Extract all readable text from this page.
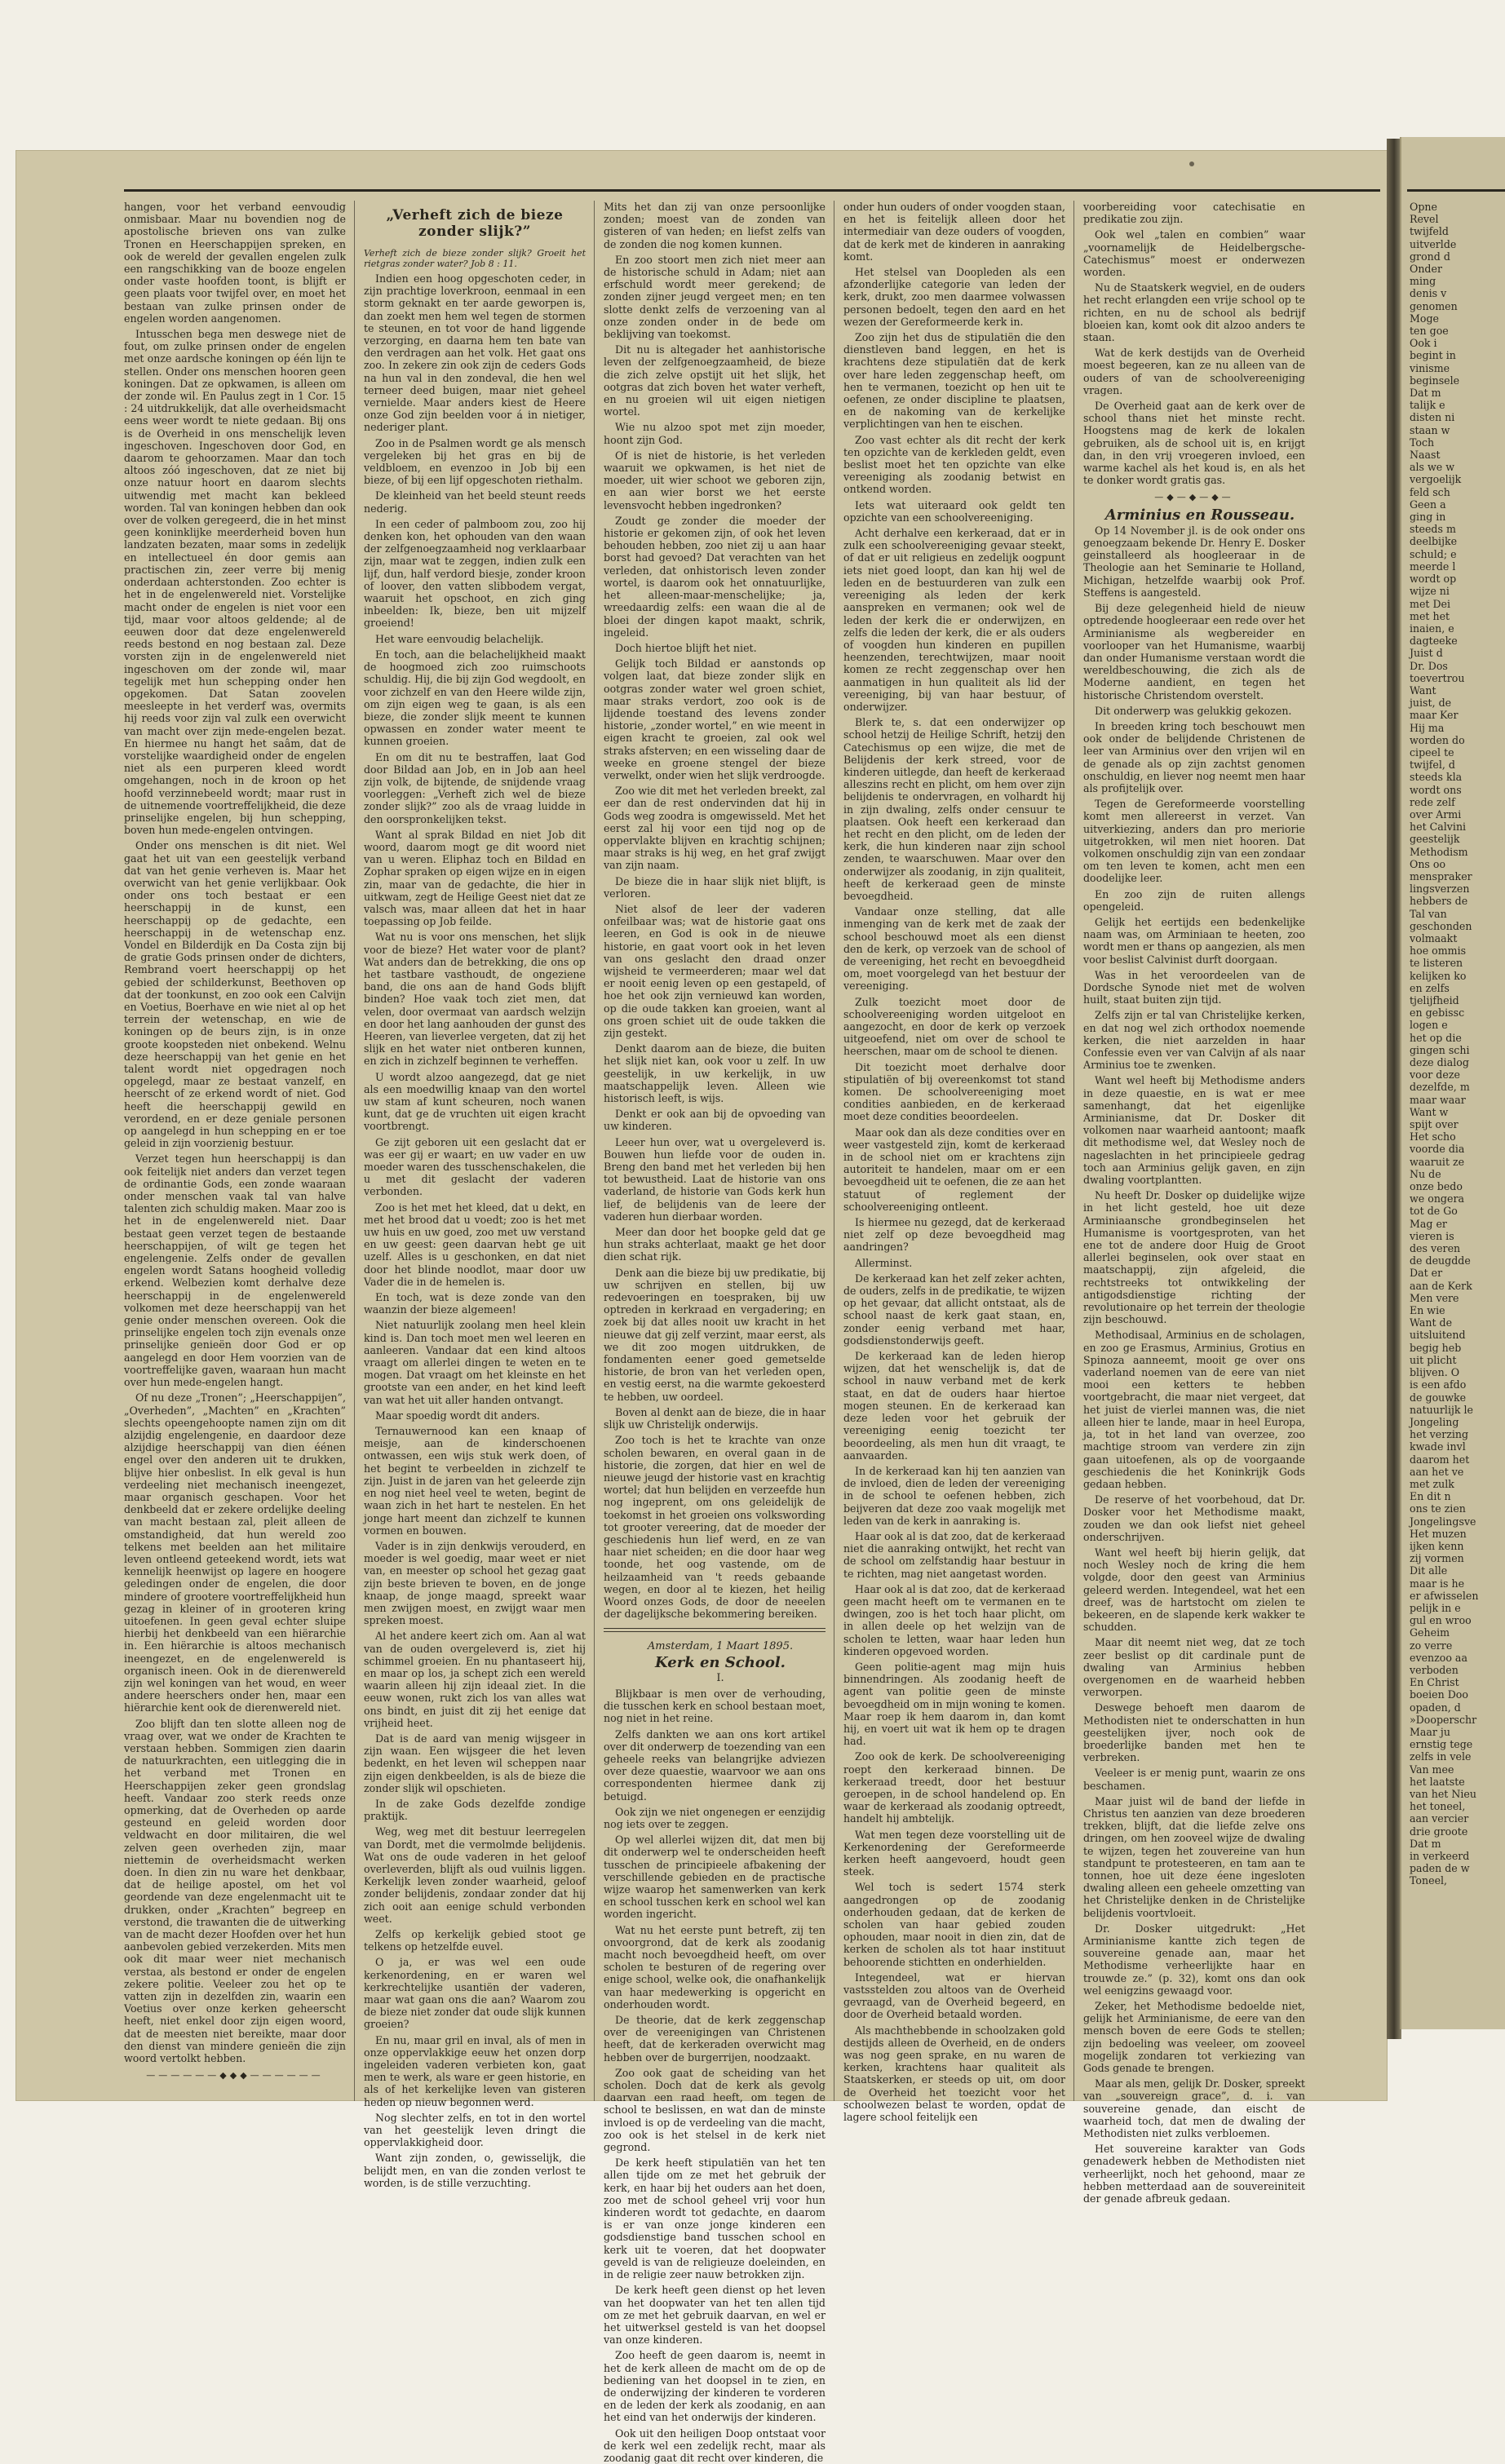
hangen, voor het verband eenvoudig onmisbaar. Maar nu bovendien nog de apostolische brieven ons van zulke Tronen en Heerschappijen spreken, en ook de wereld der gevallen engelen zulk een rangschikking van de booze engelen onder vaste hoofden toont, is blijft er geen plaats voor twijfel over, en moet het bestaan van zulke prinsen onder de engelen worden aangenomen.

Intusschen bega men deswege niet de fout, om zulke prinsen onder de engelen met onze aardsche koningen op één lijn te stellen. Onder ons menschen hooren geen koningen. Dat ze opkwamen, is alleen om der zonde wil. En Paulus zegt in 1 Cor. 15 : 24 uitdrukkelijk, dat alle overheidsmacht eens weer wordt te niete gedaan. Bij ons is de Overheid in ons menschelijk leven ingeschoven. Ingeschoven door God, en daarom te gehoorzamen. Maar dan toch altoos zóó ingeschoven, dat ze niet bij onze natuur hoort en daarom slechts uitwendig met macht kan bekleed worden. Tal van koningen hebben dan ook over de volken geregeerd, die in het minst geen koninklijke meerderheid boven hun landzaten bezaten, maar soms in zedelijk en intellectueel én door gemis aan practischen zin, zeer verre bij menig onderdaan achterstonden. Zoo echter is het in de engelenwereld niet. Vorstelijke macht onder de engelen is niet voor een tijd, maar voor altoos geldende; al de eeuwen door dat deze engelenwereld reeds bestond en nog bestaan zal. Deze vorsten zijn in de engelenwereld niet ingeschoven om der zonde wil, maar tegelijk met hun schepping onder hen opgekomen. Dat Satan zoovelen meesleepte in het verderf was, overmits hij reeds voor zijn val zulk een overwicht van macht over zijn mede-engelen bezat. En hiermee nu hangt het saâm, dat de vorstelijke waardigheid onder de engelen niet als een purperen kleed wordt omgehangen, noch in de kroon op het hoofd verzinnebeeld wordt; maar rust in de uitnemende voortreffelijkheid, die deze prinselijke engelen, bij hun schepping, boven hun mede-engelen ontvingen.

Onder ons menschen is dit niet. Wel gaat het uit van een geestelijk verband dat van het genie verheven is. Maar het overwicht van het genie verlijkbaar. Ook onder ons toch bestaat er een heerschappij in de kunst, een heerschappij op de gedachte, een heerschappij in de wetenschap enz. Vondel en Bilderdijk en Da Costa zijn bij de gratie Gods prinsen onder de dichters, Rembrand voert heerschappij op het gebied der schilderkunst, Beethoven op dat der toonkunst, en zoo ook een Calvijn en Voetius, Boerhave en wie niet al op het terrein der wetenschap, en wie de koningen op de beurs zijn, is in onze groote koopsteden niet onbekend. Welnu deze heerschappij van het genie en het talent wordt niet opgedragen noch opgelegd, maar ze bestaat vanzelf, en heerscht of ze erkend wordt of niet. God heeft die heerschappij gewild en verordend, en er deze geniale personen op aangelegd in hun schepping en er toe geleid in zijn voorzienig bestuur.

Verzet tegen hun heerschappij is dan ook feitelijk niet anders dan verzet tegen de ordinantie Gods, een zonde waaraan onder menschen vaak tal van halve talenten zich schuldig maken. Maar zoo is het in de engelenwereld niet. Daar bestaat geen verzet tegen de bestaande heerschappijen, of wilt ge tegen het engelengenie. Zelfs onder de gevallen engelen wordt Satans hoogheid volledig erkend. Welbezien komt derhalve deze heerschappij in de engelenwereld volkomen met deze heerschappij van het genie onder menschen overeen. Ook die prinselijke engelen toch zijn evenals onze prinselijke genieën door God er op aangelegd en door Hem voorzien van de voortreffelijke gaven, waaraan hun macht over hun mede-engelen hangt.

Of nu deze „Tronen”; „Heerschappijen”, „Overheden”, „Machten” en „Krachten” slechts opeengehoopte namen zijn om dit alzijdig engelengenie, en daardoor deze alzijdige heerschappij van dien éénen engel over den anderen uit te drukken, blijve hier onbeslist. In elk geval is hun verdeeling niet mechanisch ineengezet, maar organisch geschapen. Voor het denkbeeld dat er zekere ordelijke deeling van macht bestaan zal, pleit alleen de omstandigheid, dat hun wereld zoo telkens met beelden aan het militaire leven ontleend geteekend wordt, iets wat kennelijk heenwijst op lagere en hoogere geledingen onder de engelen, die door mindere of grootere voortreffelijkheid hun gezag in kleiner of in grooteren kring uitoefenen. In geen geval echter sluipe hierbij het denkbeeld van een hiërarchie in. Een hiërarchie is altoos mechanisch ineengezet, en de engelenwereld is organisch ineen. Ook in de dierenwereld zijn wel koningen van het woud, en weer andere heerschers onder hen, maar een hiërarchie kent ook de dierenwereld niet.

Zoo blijft dan ten slotte alleen nog de vraag over, wat we onder de Krachten te verstaan hebben. Sommigen zien daarin de natuurkrachten, een uitlegging die in het verband met Tronen en Heerschappijen zeker geen grondslag heeft. Vandaar zoo sterk reeds onze opmerking, dat de Overheden op aarde gesteund en geleid worden door veldwacht en door militairen, die wel zelven geen overheden zijn, maar niettemin de overheidsmacht werken doen. In dien zin nu ware het denkbaar, dat de heilige apostel, om het vol geordende van deze engelenmacht uit te drukken, onder „Krachten” begreep en verstond, die trawanten die de uitwerking van de macht dezer Hoofden over het hun aanbevolen gebied verzekerden. Mits men ook dit maar weer niet mechanisch verstaa, als bestond er onder de engelen zekere politie. Veeleer zou het op te vatten zijn in dezelfden zin, waarin een Voetius over onze kerken geheerscht heeft, niet enkel door zijn eigen woord, dat de meesten niet bereikte, maar door den dienst van mindere genieën die zijn woord vertolkt hebben.

——————◆◆◆——————
„Verheft zich de bieze zonder slijk?”

Verheft zich de bieze zonder slijk? Groeit het rietgras zonder water? Job 8 : 11.

Indien een hoog opgeschoten ceder, in zijn prachtige loverkroon, eenmaal in een storm geknakt en ter aarde geworpen is, dan zoekt men hem wel tegen de stormen te steunen, en tot voor de hand liggende verzorging, en daarna hem ten bate van den verdragen aan het volk. Het gaat ons zoo. In zekere zin ook zijn de ceders Gods na hun val in den zondeval, die hen wel terneer deed buigen, maar niet geheel vernielde. Maar anders kiest de Heere onze God zijn beelden voor á in nietiger, nederiger plant.

Zoo in de Psalmen wordt ge als mensch vergeleken bij het gras en bij de veldbloem, en evenzoo in Job bij een bieze, of bij een lijf opgeschoten riethalm.

De kleinheid van het beeld steunt reeds nederig.

In een ceder of palmboom zou, zoo hij denken kon, het ophouden van den waan der zelfgenoegzaamheid nog verklaarbaar zijn, maar wat te zeggen, indien zulk een lijf, dun, half verdord biesje, zonder kroon of loover, den vatten slibbodem vergat, waaruit het opschoot, en zich ging inbeelden: Ik, bieze, ben uit mijzelf groeiend!

Het ware eenvoudig belachelijk.

En toch, aan die belachelijkheid maakt de hoogmoed zich zoo ruimschoots schuldig. Hij, die bij zijn God wegdoolt, en voor zichzelf en van den Heere wilde zijn, om zijn eigen weg te gaan, is als een bieze, die zonder slijk meent te kunnen opwassen en zonder water meent te kunnen groeien.

En om dit nu te bestraffen, laat God door Bildad aan Job, en in Job aan heel zijn volk, de bijtende, de snijdende vraag voorleggen: „Verheft zich wel de bieze zonder slijk?” zoo als de vraag luidde in den oorspronkelijken tekst.

Want al sprak Bildad en niet Job dit woord, daarom mogt ge dit woord niet van u weren. Eliphaz toch en Bildad en Zophar spraken op eigen wijze en in eigen zin, maar van de gedachte, die hier in uitkwam, zegt de Heilige Geest niet dat ze valsch was, maar alleen dat het in haar toepassing op Job feilde.

Wat nu is voor ons menschen, het slijk voor de bieze? Het water voor de plant? Wat anders dan de betrekking, die ons op het tastbare vasthoudt, de ongeziene band, die ons aan de hand Gods blijft binden? Hoe vaak toch ziet men, dat velen, door overmaat van aardsch welzijn en door het lang aanhouden der gunst des Heeren, van lieverlee vergeten, dat zij het slijk en het water niet ontberen kunnen, en zich in zichzelf beginnen te verheffen.

U wordt alzoo aangezegd, dat ge niet als een moedwillig knaap van den wortel uw stam af kunt scheuren, noch wanen kunt, dat ge de vruchten uit eigen kracht voortbrengt.

Ge zijt geboren uit een geslacht dat er was eer gij er waart; en uw vader en uw moeder waren des tusschenschakelen, die u met dit geslacht der vaderen verbonden.

Zoo is het met het kleed, dat u dekt, en met het brood dat u voedt; zoo is het met uw huis en uw goed, zoo met uw verstand en uw geest: geen daarvan hebt ge uit uzelf. Alles is u geschonken, en dat niet door het blinde noodlot, maar door uw Vader die in de hemelen is.

En toch, wat is deze zonde van den waanzin der bieze algemeen!

Niet natuurlijk zoolang men heel klein kind is. Dan toch moet men wel leeren en aanleeren. Vandaar dat een kind altoos vraagt om allerlei dingen te weten en te mogen. Dat vraagt om het kleinste en het grootste van een ander, en het kind leeft van wat het uit aller handen ontvangt.

Maar spoedig wordt dit anders.

Ternauwernood kan een knaap of meisje, aan de kinderschoenen ontwassen, een wijs stuk werk doen, of het begint te verbeelden in zichzelf te zijn. Juist in de jaren van het geleerde zijn en nog niet heel veel te weten, begint de waan zich in het hart te nestelen. En het jonge hart meent dan zichzelf te kunnen vormen en bouwen.

Vader is in zijn denkwijs verouderd, en moeder is wel goedig, maar weet er niet van, en meester op school het gezag gaat zijn beste brieven te boven, en de jonge knaap, de jonge maagd, spreekt waar men zwijgen moest, en zwijgt waar men spreken moest.

Al het andere keert zich om. Aan al wat van de ouden overgeleverd is, ziet hij schimmel groeien. En nu phantaseert hij, en maar op los, ja schept zich een wereld waarin alleen hij zijn ideaal ziet. In die eeuw wonen, rukt zich los van alles wat ons bindt, en juist dit zij het eenige dat vrijheid heet.

Dat is de aard van menig wijsgeer in zijn waan. Een wijsgeer die het leven bedenkt, en het leven wil scheppen naar zijn eigen denkbeelden, is als de bieze die zonder slijk wil opschieten.

In de zake Gods dezelfde zondige praktijk.

Weg, weg met dit bestuur leerregelen van Dordt, met die vermolmde belijdenis. Wat ons de oude vaderen in het geloof overleverden, blijft als oud vuilnis liggen. Kerkelijk leven zonder waarheid, geloof zonder belijdenis, zondaar zonder dat hij zich ooit aan eenige schuld verbonden weet.

Zelfs op kerkelijk gebied stoot ge telkens op hetzelfde euvel.

O ja, er was wel een oude kerkenordening, en er waren wel kerkrechtelijke usantiën der vaderen, maar wat gaan ons die aan? Waarom zou de bieze niet zonder dat oude slijk kunnen groeien?

En nu, maar gril en inval, als of men in onze oppervlakkige eeuw het onzen dorp ingeleiden vaderen verbieten kon, gaat men te werk, als ware er geen historie, en als of het kerkelijke leven van gisteren heden op nieuw begonnen werd.

Nog slechter zelfs, en tot in den wortel van het geestelijk leven dringt die oppervlakkigheid door.

Want zijn zonden, o, gewisselijk, die belijdt men, en van die zonden verlost te worden, is de stille verzuchting.

Mits het dan zij van onze persoonlijke zonden; moest van de zonden van gisteren of van heden; en liefst zelfs van de zonden die nog komen kunnen.

En zoo stoort men zich niet meer aan de historische schuld in Adam; niet aan erfschuld wordt meer gerekend; de zonden zijner jeugd vergeet men; en ten slotte denkt zelfs de verzoening van al onze zonden onder in de bede om beklijving van toekomst.

Dit nu is altegader het aanhistorische leven der zelfgenoegzaamheid, de bieze die zich zelve opstijt uit het slijk, het ootgras dat zich boven het water verheft, en nu groeien wil uit eigen nietigen wortel.

Wie nu alzoo spot met zijn moeder, hoont zijn God.

Of is niet de historie, is het verleden waaruit we opkwamen, is het niet de moeder, uit wier schoot we geboren zijn, en aan wier borst we het eerste levensvocht hebben ingedronken?

Zoudt ge zonder die moeder der historie er gekomen zijn, of ook het leven behouden hebben, zoo niet zij u aan haar borst had gevoed? Dat verachten van het verleden, dat onhistorisch leven zonder wortel, is daarom ook het onnatuurlijke, het alleen-maar-menschelijke; ja, wreedaardig zelfs: een waan die al de bloei der dingen kapot maakt, schrik, ingeleid.

Doch hiertoe blijft het niet.

Gelijk toch Bildad er aanstonds op volgen laat, dat bieze zonder slijk en ootgras zonder water wel groen schiet, maar straks verdort, zoo ook is de lijdende toestand des levens zonder historie, „zonder wortel,” en wie meent in eigen kracht te groeien, zal ook wel straks afsterven; en een wisseling daar de weeke en groene stengel der bieze verwelkt, onder wien het slijk verdroogde.

Zoo wie dit met het verleden breekt, zal eer dan de rest ondervinden dat hij in Gods weg zoodra is omgewisseld. Met het eerst zal hij voor een tijd nog op de oppervlakte blijven en krachtig schijnen; maar straks is hij weg, en het graf zwijgt van zijn naam.

De bieze die in haar slijk niet blijft, is verloren.

Niet alsof de leer der vaderen onfeilbaar was; wat de historie gaat ons leeren, en God is ook in de nieuwe historie, en gaat voort ook in het leven van ons geslacht den draad onzer wijsheid te vermeerderen; maar wel dat er nooit eenig leven op een gestapeld, of hoe het ook zijn vernieuwd kan worden, op die oude takken kan groeien, want al ons groen schiet uit de oude takken die zijn gestekt.

Denkt daarom aan de bieze, die buiten het slijk niet kan, ook voor u zelf. In uw geestelijk, in uw kerkelijk, in uw maatschappelijk leven. Alleen wie historisch leeft, is wijs.

Denkt er ook aan bij de opvoeding van uw kinderen.

Leeer hun over, wat u overgeleverd is. Bouwen hun liefde voor de ouden in. Breng den band met het verleden bij hen tot bewustheid. Laat de historie van ons vaderland, de historie van Gods kerk hun lief, de belijdenis van de leere der vaderen hun dierbaar worden.

Meer dan door het boopke geld dat ge hun straks achterlaat, maakt ge het door dien schat rijk.

Denk aan die bieze bij uw predikatie, bij uw schrijven en stellen, bij uw redevoeringen en toespraken, bij uw optreden in kerkraad en vergadering; en zoek bij dat alles nooit uw kracht in het nieuwe dat gij zelf verzint, maar eerst, als we dit zoo mogen uitdrukken, de fondamenten eener goed gemetselde historie, de bron van het verleden open, en vestig eerst, na die warmte gekoesterd te hebben, uw oordeel.

Boven al denkt aan de bieze, die in haar slijk uw Christelijk onderwijs.

Zoo toch is het te krachte van onze scholen bewaren, en overal gaan in de historie, die zorgen, dat hier en wel de nieuwe jeugd der historie vast en krachtig wortel; dat hun belijden en verzeefde hun nog ingeprent, om ons geleidelijk de toekomst in het groeien ons volkswording tot grooter vereering, dat de moeder der geschiedenis hun lief werd, en ze van haar niet scheiden; en die door haar weg toonde, het oog vastende, om de heilzaamheid van 't reeds gebaande wegen, en door al te kiezen, het heilig Woord onzes Gods, de door de neeelen der dagelijksche bekommering bereiken.

Amsterdam, 1 Maart 1895.

Kerk en School.

I.

Blijkbaar is men over de verhouding, die tusschen kerk en school bestaan moet, nog niet in het reine.

Zelfs dankten we aan ons kort artikel over dit onderwerp de toezending van een geheele reeks van belangrijke adviezen over deze quaestie, waarvoor we aan ons correspondenten hiermee dank zij betuigd.

Ook zijn we niet ongenegen er eenzijdig nog iets over te zeggen.

Op wel allerlei wijzen dit, dat men bij dit onderwerp wel te onderscheiden heeft tusschen de principieele afbakening der verschillende gebieden en de practische wijze waarop het samenwerken van kerk en school tusschen kerk en school wel kan worden ingericht.

Wat nu het eerste punt betreft, zij ten onvoorgrond, dat de kerk als zoodanig macht noch bevoegdheid heeft, om over scholen te besturen of de regering over enige school, welke ook, die onafhankelijk van haar medewerking is opgericht en onderhouden wordt.

De theorie, dat de kerk zeggenschap over de vereenigingen van Christenen heeft, dat de kerkeraden overwicht mag hebben over de burgerrijen, noodzaakt.

Zoo ook gaat de scheiding van het scholen. Doch dat de kerk als gevolg daarvan een raad heeft, om tegen de school te beslissen, en wat dan de minste invloed is op de verdeeling van die macht, zoo ook is het stelsel in de kerk niet gegrond.

De kerk heeft stipulatiën van het ten allen tijde om ze met het gebruik der kerk, en haar bij het ouders aan het doen, zoo met de school geheel vrij voor hun kinderen wordt tot gedachte, en daarom is er van onze jonge kinderen een godsdienstige band tusschen school en kerk uit te voeren, dat het doopwater geveld is van de religieuze doeleinden, en in de religie zeer nauw betrokken zijn.

De kerk heeft geen dienst op het leven van het doopwater van het ten allen tijd om ze met het gebruik daarvan, en wel er het uitwerksel gesteld is van het doopsel van onze kinderen.

Zoo heeft de geen daarom is, neemt in het de kerk alleen de macht om de op de bediening van het doopsel in te zien, en de onderwijzing der kinderen te vorderen en de leden der kerk als zoodanig, en aan het eind van het onderwijs der kinderen.

Ook uit den heiligen Doop ontstaat voor de kerk wel een zedelijk recht, maar als zoodanig gaat dit recht over kinderen, die

onder hun ouders of onder voogden staan, en het is feitelijk alleen door het intermediair van deze ouders of voogden, dat de kerk met de kinderen in aanraking komt.

Het stelsel van Doopleden als een afzonderlijke categorie van leden der kerk, drukt, zoo men daarmee volwassen personen bedoelt, tegen den aard en het wezen der Gereformeerde kerk in.

Zoo zijn het dus de stipulatiën die den dienstleven band leggen, en het is krachtens deze stipulatiën dat de kerk over hare leden zeggenschap heeft, om hen te vermanen, toezicht op hen uit te oefenen, ze onder discipline te plaatsen, en de nakoming van de kerkelijke verplichtingen van hen te eischen.

Zoo vast echter als dit recht der kerk ten opzichte van de kerkleden geldt, even beslist moet het ten opzichte van elke vereeniging als zoodanig betwist en ontkend worden.

Iets wat uiteraard ook geldt ten opzichte van een schoolvereeniging.

Acht derhalve een kerkeraad, dat er in zulk een schoolvereeniging gevaar steekt, of dat er uit religieus en zedelijk oogpunt iets niet goed loopt, dan kan hij wel de leden en de bestuurderen van zulk een vereeniging als leden der kerk aanspreken en vermanen; ook wel de leden der kerk die er onderwijzen, en zelfs die leden der kerk, die er als ouders of voogden hun kinderen en pupillen heenzenden, terechtwijzen, maar nooit komen ze recht zeggenschap over hen aanmatigen in hun qualiteit als lid der vereeniging, bij van haar bestuur, of onderwijzer.

Blerk te, s. dat een onderwijzer op school hetzij de Heilige Schrift, hetzij den Catechismus op een wijze, die met de Belijdenis der kerk streed, voor de kinderen uitlegde, dan heeft de kerkeraad alleszins recht en plicht, om hem over zijn belijdenis te ondervragen, en volhardt hij in zijn dwaling, zelfs onder censuur te plaatsen. Ook heeft een kerkeraad dan het recht en den plicht, om de leden der kerk, die hun kinderen naar zijn school zenden, te waarschuwen. Maar over den onderwijzer als zoodanig, in zijn qualiteit, heeft de kerkeraad geen de minste bevoegdheid.

Vandaar onze stelling, dat alle inmenging van de kerk met de zaak der school beschouwd moet als een dienst den de kerk, op verzoek van de school of de vereeniging, het recht en bevoegdheid om, moet voorgelegd van het bestuur der vereeniging.

Zulk toezicht moet door de schoolvereeniging worden uitgeloot en aangezocht, en door de kerk op verzoek uitgeoefend, niet om over de school te heerschen, maar om de school te dienen.

Dit toezicht moet derhalve door stipulatiën of bij overeenkomst tot stand komen. De schoolvereeniging moet condities aanbieden, en de kerkeraad moet deze condities beoordeelen.

Maar ook dan als deze condities over en weer vastgesteld zijn, komt de kerkeraad in de school niet om er krachtens zijn autoriteit te handelen, maar om er een bevoegdheid uit te oefenen, die ze aan het statuut of reglement der schoolvereeniging ontleent.

Is hiermee nu gezegd, dat de kerkeraad niet zelf op deze bevoegdheid mag aandringen?

Allerminst.

De kerkeraad kan het zelf zeker achten, de ouders, zelfs in de predikatie, te wijzen op het gevaar, dat allicht ontstaat, als de school naast de kerk gaat staan, en, zonder eenig verband met haar, godsdienstonderwijs geeft.

De kerkeraad kan de leden hierop wijzen, dat het wenschelijk is, dat de school in nauw verband met de kerk staat, en dat de ouders haar hiertoe mogen steunen. En de kerkeraad kan deze leden voor het gebruik der vereeniging eenig toezicht ter beoordeeling, als men hun dit vraagt, te aanvaarden.

In de kerkeraad kan hij ten aanzien van de invloed, dien de leden der vereeniging in de school te oefenen hebben, zich beijveren dat deze zoo vaak mogelijk met leden van de kerk in aanraking is.

Haar ook al is dat zoo, dat de kerkeraad niet die aanraking ontwijkt, het recht van de school om zelfstandig haar bestuur in te richten, mag niet aangetast worden.

Haar ook al is dat zoo, dat de kerkeraad geen macht heeft om te vermanen en te dwingen, zoo is het toch haar plicht, om in allen deele op het welzijn van de scholen te letten, waar haar leden hun kinderen opgevoed worden.

Geen politie-agent mag mijn huis binnendringen. Als zoodanig heeft de agent van politie geen de minste bevoegdheid om in mijn woning te komen. Maar roep ik hem daarom in, dan komt hij, en voert uit wat ik hem op te dragen had.

Zoo ook de kerk. De schoolvereeniging roept den kerkeraad binnen. De kerkeraad treedt, door het bestuur geroepen, in de school handelend op. En waar de kerkeraad als zoodanig optreedt, handelt hij ambtelijk.

Wat men tegen deze voorstelling uit de Kerkenordening der Gereformeerde kerken heeft aangevoerd, houdt geen steek.

Wel toch is sedert 1574 sterk aangedrongen op de zoodanig onderhouden gedaan, dat de kerken de scholen van haar gebied zouden ophouden, maar nooit in dien zin, dat de kerken de scholen als tot haar instituut behoorende stichtten en onderhielden.

Integendeel, wat er hiervan vastsstelden zou altoos van de Overheid gevraagd, van de Overheid begeerd, en door de Overheid betaald worden.

Als machthebbende in schoolzaken gold destijds alleen de Overheid, en de onders was nog geen sprake, en nu waren de kerken, krachtens haar qualiteit als Staatskerken, er steeds op uit, om door de Overheid het toezicht voor het schoolwezen belast te worden, opdat de lagere school feitelijk een

voorbereiding voor catechisatie en predikatie zou zijn.

Ook wel „talen en combien” waar „voornamelijk de Heidelbergsche-Catechismus” moest er onderwezen worden.

Nu de Staatskerk wegviel, en de ouders het recht erlangden een vrije school op te richten, en nu de school als bedrijf bloeien kan, komt ook dit alzoo anders te staan.

Wat de kerk destijds van de Overheid moest begeeren, kan ze nu alleen van de ouders of van de schoolvereeniging vragen.

De Overheid gaat aan de kerk over de school thans niet het minste recht. Hoogstens mag de kerk de lokalen gebruiken, als de school uit is, en krijgt dan, in den vrij vroegeren invloed, een warme kachel als het koud is, en als het te donker wordt gratis gas.

—◆—◆—◆—

Arminius en Rousseau.

Op 14 November jl. is de ook onder ons genoegzaam bekende Dr. Henry E. Dosker geinstalleerd als hoogleeraar in de Theologie aan het Seminarie te Holland, Michigan, hetzelfde waarbij ook Prof. Steffens is aangesteld.

Bij deze gelegenheid hield de nieuw optredende hoogleeraar een rede over het Arminianisme als wegbereider en voorlooper van het Humanisme, waarbij dan onder Humanisme verstaan wordt die wereldbeschouwing, die zich als de Moderne aandient, en tegen het historische Christendom overstelt.

Dit onderwerp was gelukkig gekozen.

In breeden kring toch beschouwt men ook onder de belijdende Christenen de leer van Arminius over den vrijen wil en de genade als op zijn zachtst genomen onschuldig, en liever nog neemt men haar als profijtelijk over.

Tegen de Gereformeerde voorstelling komt men allereerst in verzet. Van uitverkiezing, anders dan pro meriorie uitgetrokken, wil men niet hooren. Dat volkomen onschuldig zijn van een zondaar om ten leven te komen, acht men een doodelijke leer.

En zoo zijn de ruiten allengs opengeleid.

Gelijk het eertijds een bedenkelijke naam was, om Arminiaan te heeten, zoo wordt men er thans op aangezien, als men voor beslist Calvinist durft doorgaan.

Was in het veroordeelen van de Dordsche Synode niet met de wolven huilt, staat buiten zijn tijd.

Zelfs zijn er tal van Christelijke kerken, en dat nog wel zich orthodox noemende kerken, die niet aarzelden in haar Confessie even ver van Calvijn af als naar Arminius toe te zwenken.

Want wel heeft bij Methodisme anders in deze quaestie, en is wat er mee samenhangt, dat het eigenlijke Arminianisme, dat Dr. Dosker dit volkomen naar waarheid aantoont; maafk dit methodisme wel, dat Wesley noch de nageslachten in het principieele gedrag toch aan Arminius gelijk gaven, en zijn dwaling voortplantten.

Nu heeft Dr. Dosker op duidelijke wijze in het licht gesteld, hoe uit deze Arminiaansche grondbeginselen het Humanisme is voortgesproten, van het ene tot de andere door Huig de Groot allerlei beginselen, ook over staat en maatschappij, zijn afgeleid, die rechtstreeks tot ontwikkeling der antigodsdienstige richting der revolutionaire op het terrein der theologie zijn beschouwd.

Methodisaal, Arminius en de scholagen, en zoo ge Erasmus, Arminius, Grotius en Spinoza aanneemt, mooit ge over ons vaderland noemen van de eere van niet mooi een ketters te hebben voortgebracht, die maar niet vergeet, dat het juist de vierlei mannen was, die niet alleen hier te lande, maar in heel Europa, ja, tot in het land van overzee, zoo machtige stroom van verdere zin zijn gaan uitoefenen, als op de voorgaande geschiedenis die het Koninkrijk Gods gedaan hebben.

De reserve of het voorbehoud, dat Dr. Dosker voor het Methodisme maakt, zouden we dan ook liefst niet geheel onderschrijven.

Want wel heeft bij hierin gelijk, dat noch Wesley noch de kring die hem volgde, door den geest van Arminius geleerd werden. Integendeel, wat het een dreef, was de hartstocht om zielen te bekeeren, en de slapende kerk wakker te schudden.

Maar dit neemt niet weg, dat ze toch zeer beslist op dit cardinale punt de dwaling van Arminius hebben overgenomen en de waarheid hebben verworpen.

Deswege behoeft men daarom de Methodisten niet te onderschatten in hun geestelijken ijver, noch ook de broederlijke banden met hen te verbreken.

Veeleer is er menig punt, waarin ze ons beschamen.

Maar juist wil de band der liefde in Christus ten aanzien van deze broederen trekken, blijft, dat die liefde zelve ons dringen, om hen zooveel wijze de dwaling te wijzen, tegen het zouvereine van hun standpunt te protesteeren, en tam aan te tonnen, hoe uit deze éene ingesloten dwaling alleen een geheele omzetting van het Christelijke denken in de Christelijke belijdenis voortvloeit.

Dr. Dosker uitgedrukt: „Het Arminianisme kantte zich tegen de souvereine genade aan, maar het Methodisme verheerlijkte haar en trouwde ze.” (p. 32), komt ons dan ook wel eenigzins gewaagd voor.

Zeker, het Methodisme bedoelde niet, gelijk het Arminianisme, de eere van den mensch boven de eere Gods te stellen; zijn bedoeling was veeleer, om zooveel mogelijk zondaren tot verkiezing van Gods genade te brengen.

Maar als men, gelijk Dr. Dosker, spreekt van „souvereign grace”, d. i. van souvereine genade, dan eischt de waarheid toch, dat men de dwaling der Methodisten niet zulks verbloemen.

Het souvereine karakter van Gods genadewerk hebben de Methodisten niet verheerlijkt, noch het gehoond, maar ze hebben metterdaad aan de souvereiniteit der genade afbreuk gedaan.

Opne
Revel
twijfeld
uitverlde
grond d
Onder
ming
denis v
genomen
Moge
ten goe
Ook i
begint in
vinisme
beginsele
Dat m
talijk e
disten ni
staan w
Toch
Naast
als we w
vergoelijk
feld sch
Geen a
ging in
steeds m
deelbijke
schuld; e
meerde l
wordt op
wijze ni
met Dei
met het
inaien, e
dagteeke
Juist d
Dr. Dos
toevertrou
Want
juist, de
maar Ker
Hij ma
worden do
cipeel te
twijfel, d
steeds kla
wordt ons
rede zelf
over Armi
het Calvini
geestelijk
Methodism
Ons oo
menspraker
lingsverzen
hebbers de
Tal van
geschonden
volmaakt
hoe ommis
te listeren
kelijken ko
en zelfs
tjelijfheid
en gebissc
logen e
het op die
gingen schi
deze dialog
voor deze
dezelfde, m
maar waar
Want w
spijt over
Het scho
voorde dia
waaruit ze
Nu de
onze bedo
we ongera
tot de Go
Mag er
vieren is
des veren
de deugdde
Dat er
aan de Kerk
Men vere
En wie
Want de
uitsluitend
begig heb
uit plicht
blijven. O
is een afdo
de gouwke
natuurlijk le
Jongeling
het verzing
kwade invl
daarom het
aan het ve
met zulk
En dit n
ons te zien
Jongelingsve
Het muzen
ijken kenn
zij vormen
Dit alle
maar is he
er afwisselen
pelijk in e
gul en wroo
Geheim
zo verre
evenzoo aa
verboden
En Christ
boeien Doo
opaden, d
»Dooperschr
Maar ju
ernstig tege
zelfs in vele
Van mee
het laatste
van het Nieu
het toneel,
aan vercier
drie groote
Dat m
in verkeerd
paden de w
Toneel,
